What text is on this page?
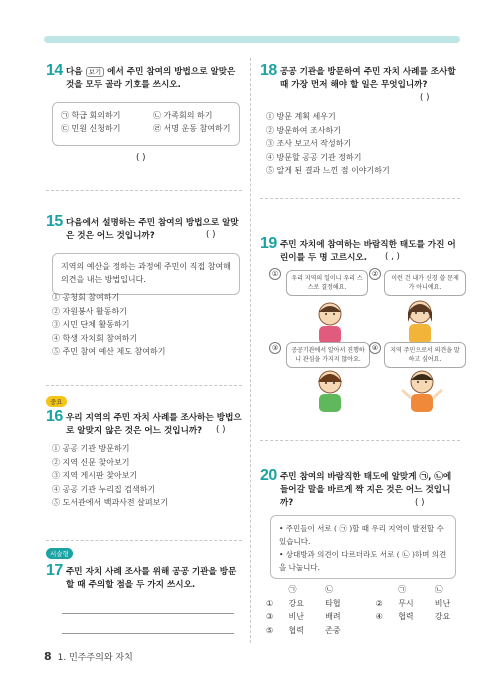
14 다음 보기 에서 주민 참여의 방법으로 알맞은 것을 모두 골라 기호를 쓰시오.
㉠ 학급 회의하기	㉡ 가족회의 하기
㉢ 민원 신청하기	㉣ 서명 운동 참여하기
( )
15 다음에서 설명하는 주민 참여의 방법으로 알맞은 것은 어느 것입니까?	( )
지역의 예산을 정하는 과정에 주민이 직접 참여해 의견을 내는 방법입니다.
① 공청회 참여하기
② 자원봉사 활동하기
③ 시민 단체 활동하기
④ 학생 자치회 참여하기
⑤ 주민 참여 예산 제도 참여하기
중요
16 우리 지역의 주민 자치 사례를 조사하는 방법으로 알맞지 않은 것은 어느 것입니까?	( )
① 공공 기관 방문하기
② 지역 신문 찾아보기
③ 지역 게시판 찾아보기
④ 공공 기관 누리집 검색하기
⑤ 도서관에서 백과사전 살펴보기
서술형
17 주민 자치 사례 조사를 위해 공공 기관을 방문할 때 주의할 점을 두 가지 쓰시오.
18 공공 기관을 방문하여 주민 자치 사례를 조사할 때 가장 먼저 해야 할 일은 무엇입니까?
( )
① 방문 계획 세우기
② 방문하여 조사하기
③ 조사 보고서 작성하기
④ 방문할 공공 기관 정하기
⑤ 알게 된 결과 느낀 점 이야기하기
19 주민 자치에 참여하는 바람직한 태도를 가진 어린이를 두 명 고르시오.	( , )
①
우리 지역의 일이니 우리 스스로 결정해요.
②
이런 건 내가 신경 쓸 문제가 아니에요.
③	공공기관에서 알아서 진행하니 관심을 가지지 않아요.
④	지역 주민으로서 의견을 말하고 싶어요.
20 주민 참여의 바람직한 태도에 알맞게 ㉠, ㉡에 들어갈 말을 바르게 짝 지은 것은 어느 것입니까?	( )
• 주민들이 서로 ( ㉠ )할 때 우리 지역이 발전할 수 있습니다.
• 상대방과 의견이 다르더라도 서로 ( ㉡ )하며 의견을 나눕니다.
㉠	㉡	㉠	㉡
① 강요	타협	② 무시	비난
③ 비난	배려	④ 협력	강요
⑤ 협력	존중
8 1. 민주주의와 자치
